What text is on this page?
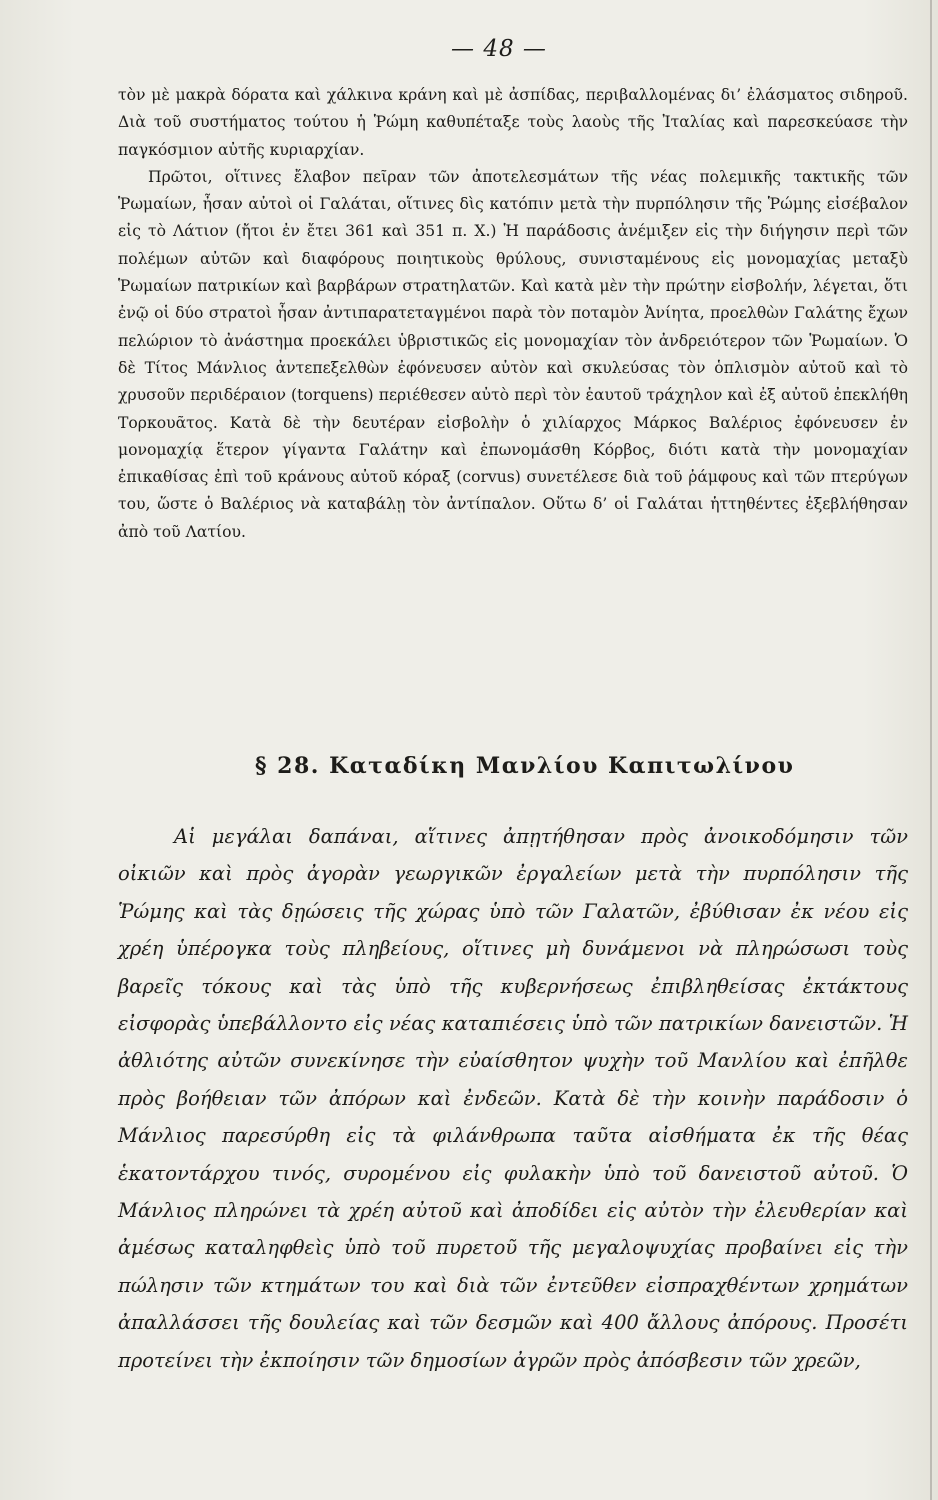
— 48 —

τὸν μὲ μακρὰ δόρατα καὶ χάλκινα κράνη καὶ μὲ ἀσπίδας, περιβαλλομένας δι’ ἐλάσματος σιδηροῦ. Διὰ τοῦ συστήματος τούτου ἡ Ῥώμη καθυπέταξε τοὺς λαοὺς τῆς Ἰταλίας καὶ παρεσκεύασε τὴν παγκόσμιον αὐτῆς κυριαρχίαν.

Πρῶτοι, οἵτινες ἔλαβον πεῖραν τῶν ἀποτελεσμάτων τῆς νέας πολεμικῆς τακτικῆς τῶν Ῥωμαίων, ἦσαν αὐτοὶ οἱ Γαλάται, οἵτινες δὶς κατόπιν μετὰ τὴν πυρπόλησιν τῆς Ῥώμης εἰσέβαλον εἰς τὸ Λάτιον (ἤτοι ἐν ἔτει 361 καὶ 351 π. Χ.) Ἡ παράδοσις ἀνέμιξεν εἰς τὴν διήγησιν περὶ τῶν πολέμων αὐτῶν καὶ διαφόρους ποιητικοὺς θρύλους, συνισταμένους εἰς μονομαχίας μεταξὺ Ῥωμαίων πατρικίων καὶ βαρβάρων στρατηλατῶν. Καὶ κατὰ μὲν τὴν πρώτην εἰσβολήν, λέγεται, ὅτι ἐνῷ οἱ δύο στρατοὶ ἦσαν ἀντιπαρατεταγμένοι παρὰ τὸν ποταμὸν Ἀνίητα, προελθὼν Γαλάτης ἔχων πελώριον τὸ ἀνάστημα προεκάλει ὑβριστικῶς εἰς μονομαχίαν τὸν ἀνδρειότερον τῶν Ῥωμαίων. Ὁ δὲ Τίτος Μάνλιος ἀντεπεξελθὼν ἐφόνευσεν αὐτὸν καὶ σκυλεύσας τὸν ὁπλισμὸν αὐτοῦ καὶ τὸ χρυσοῦν περιδέραιον (torquens) περιέθεσεν αὐτὸ περὶ τὸν ἑαυτοῦ τράχηλον καὶ ἐξ αὐτοῦ ἐπεκλήθη Τορκουᾶτος. Κατὰ δὲ τὴν δευτέραν εἰσβολὴν ὁ χιλίαρχος Μάρκος Βαλέριος ἐφόνευσεν ἐν μονομαχίᾳ ἕτερον γίγαντα Γαλάτην καὶ ἐπωνομάσθη Κόρβος, διότι κατὰ τὴν μονομαχίαν ἐπικαθίσας ἐπὶ τοῦ κράνους αὐτοῦ κόραξ (corvus) συνετέλεσε διὰ τοῦ ῥάμφους καὶ τῶν πτερύγων του, ὥστε ὁ Βαλέριος νὰ καταβάλῃ τὸν ἀντίπαλον. Οὕτω δ’ οἱ Γαλάται ἡττηθέντες ἐξεβλήθησαν ἀπὸ τοῦ Λατίου.

§ 28. Καταδίκη Μανλίου Καπιτωλίνου

Αἱ μεγάλαι δαπάναι, αἵτινες ἀπῃτήθησαν πρὸς ἀνοικοδόμησιν τῶν οἰκιῶν καὶ πρὸς ἀγορὰν γεωργικῶν ἐργαλείων μετὰ τὴν πυρπόλησιν τῆς Ῥώμης καὶ τὰς δῃώσεις τῆς χώρας ὑπὸ τῶν Γαλατῶν, ἐβύθισαν ἐκ νέου εἰς χρέη ὑπέρογκα τοὺς πληβείους, οἵτινες μὴ δυνάμενοι νὰ πληρώσωσι τοὺς βαρεῖς τόκους καὶ τὰς ὑπὸ τῆς κυβερνήσεως ἐπιβληθείσας ἐκτάκτους εἰσφορὰς ὑπεβάλλοντο εἰς νέας καταπιέσεις ὑπὸ τῶν πατρικίων δανειστῶν. Ἡ ἀθλιότης αὐτῶν συνεκίνησε τὴν εὐαίσθητον ψυχὴν τοῦ Μανλίου καὶ ἐπῆλθε πρὸς βοήθειαν τῶν ἀπόρων καὶ ἐνδεῶν. Κατὰ δὲ τὴν κοινὴν παράδοσιν ὁ Μάνλιος παρεσύρθη εἰς τὰ φιλάνθρωπα ταῦτα αἰσθήματα ἐκ τῆς θέας ἑκατοντάρχου τινός, συρομένου εἰς φυλακὴν ὑπὸ τοῦ δανειστοῦ αὐτοῦ. Ὁ Μάνλιος πληρώνει τὰ χρέη αὐτοῦ καὶ ἀποδίδει εἰς αὐτὸν τὴν ἐλευθερίαν καὶ ἀμέσως καταληφθεὶς ὑπὸ τοῦ πυρετοῦ τῆς μεγαλοψυχίας προβαίνει εἰς τὴν πώλησιν τῶν κτημάτων του καὶ διὰ τῶν ἐντεῦθεν εἰσπραχθέντων χρημάτων ἀπαλλάσσει τῆς δουλείας καὶ τῶν δεσμῶν καὶ 400 ἄλλους ἀπόρους. Προσέτι προτείνει τὴν ἐκποίησιν τῶν δημοσίων ἀγρῶν πρὸς ἀπόσβεσιν τῶν χρεῶν,
